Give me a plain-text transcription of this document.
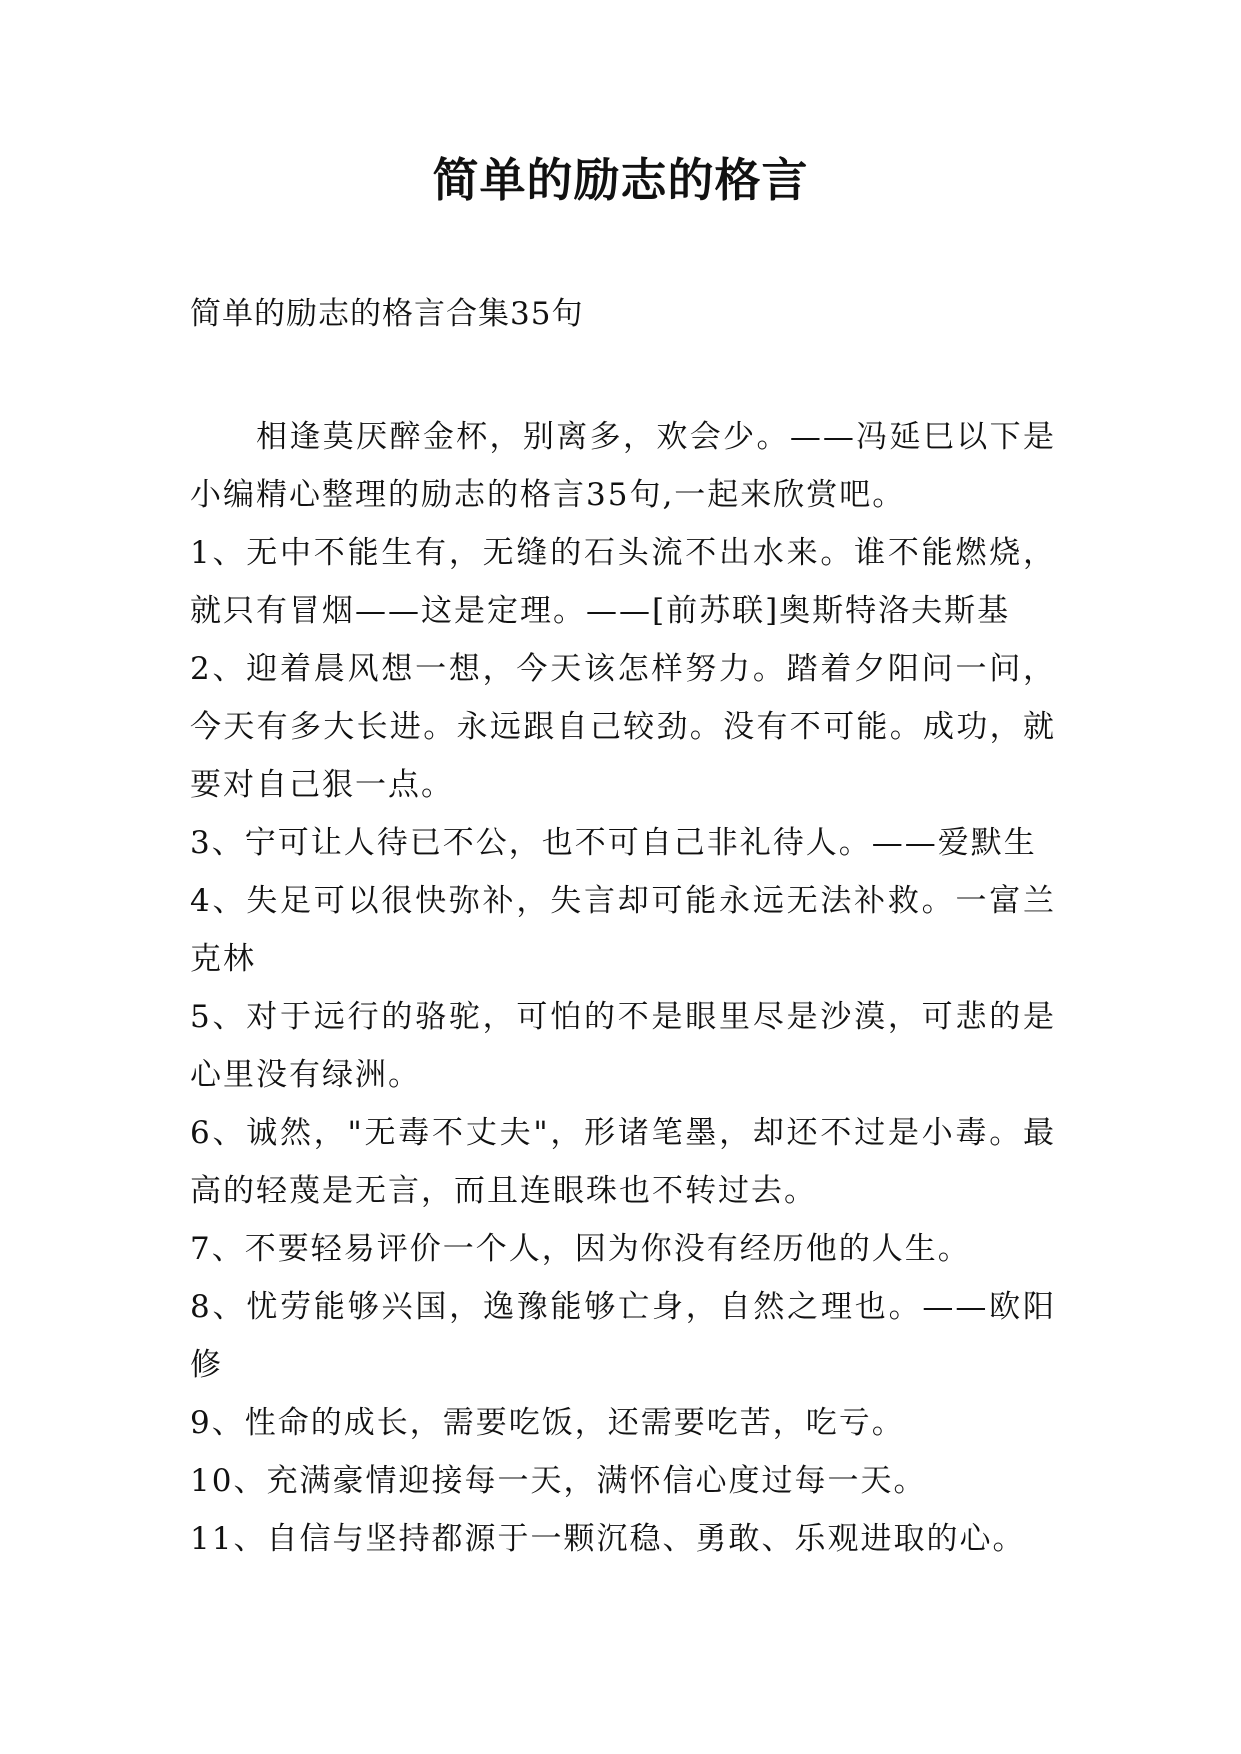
简单的励志的格言

简单的励志的格言合集35句

相逢莫厌醉金杯，别离多，欢会少。——冯延巳以下是小编精心整理的励志的格言35句,一起来欣赏吧。

1、无中不能生有，无缝的石头流不出水来。谁不能燃烧，就只有冒烟——这是定理。——[前苏联]奥斯特洛夫斯基

2、迎着晨风想一想，今天该怎样努力。踏着夕阳问一问，今天有多大长进。永远跟自己较劲。没有不可能。成功，就要对自己狠一点。

3、宁可让人待已不公，也不可自己非礼待人。——爱默生

4、失足可以很快弥补，失言却可能永远无法补救。一富兰克林

5、对于远行的骆驼，可怕的不是眼里尽是沙漠，可悲的是心里没有绿洲。

6、诚然，"无毒不丈夫"，形诸笔墨，却还不过是小毒。最高的轻蔑是无言，而且连眼珠也不转过去。

7、不要轻易评价一个人，因为你没有经历他的人生。

8、忧劳能够兴国，逸豫能够亡身，自然之理也。——欧阳修

9、性命的成长，需要吃饭，还需要吃苦，吃亏。

10、充满豪情迎接每一天，满怀信心度过每一天。

11、自信与坚持都源于一颗沉稳、勇敢、乐观进取的心。
